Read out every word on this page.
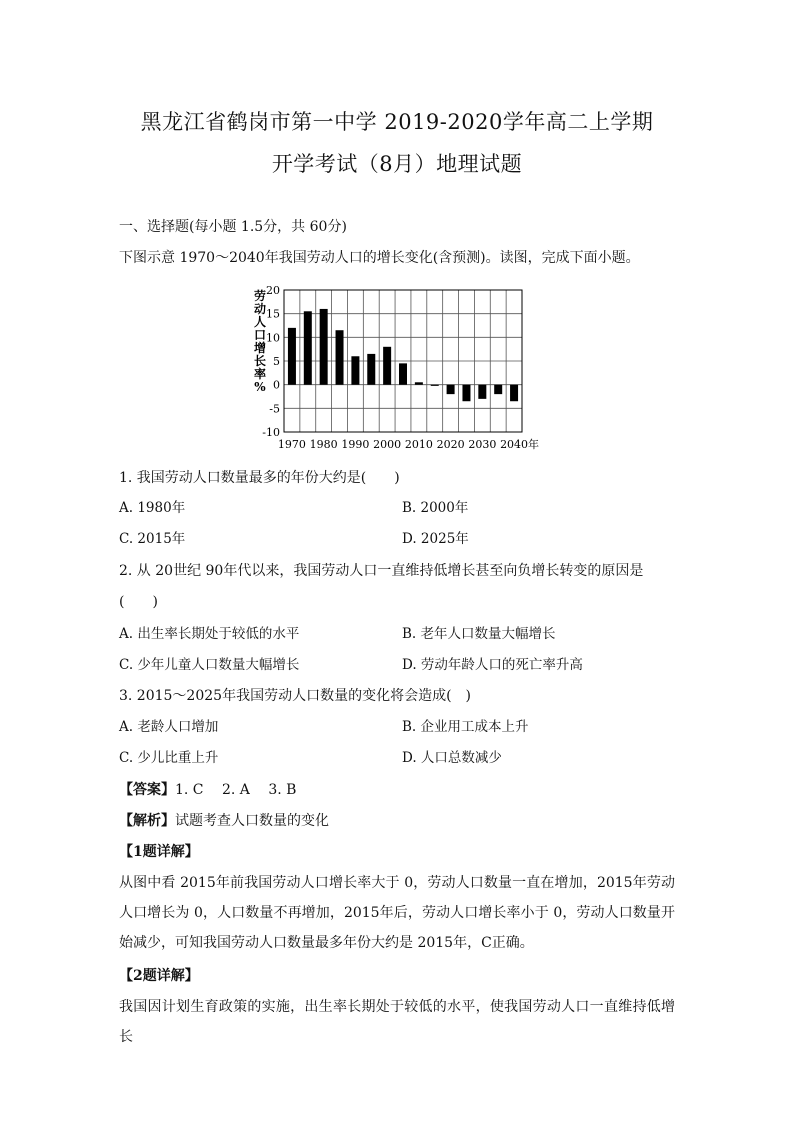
黑龙江省鹤岗市第一中学 2019-2020学年高二上学期
开学考试（8月）地理试题
一、选择题(每小题 1.5分，共 60分)
下图示意 1970～2040年我国劳动人口的增长变化(含预测)。读图，完成下面小题。
20
15
10
5
0
-5
-10
1970 1980 1990 2000 2010 2020 2030 2040
劳
动
人
口
增
长
率
%
年
1. 我国劳动人口数量最多的年份大约是(　　)
A. 1980年	B. 2000年
C. 2015年	D. 2025年
2. 从 20世纪 90年代以来，我国劳动人口一直维持低增长甚至向负增长转变的原因是
(　　)
A. 出生率长期处于较低的水平	B. 老年人口数量大幅增长
C. 少年儿童人口数量大幅增长	D. 劳动年龄人口的死亡率升高
3. 2015～2025年我国劳动人口数量的变化将会造成(　)
A. 老龄人口增加	B. 企业用工成本上升
C. 少儿比重上升	D. 人口总数减少
【答案】1. C　 2. A　 3. B
【解析】试题考查人口数量的变化
【1题详解】
从图中看 2015年前我国劳动人口增长率大于 0，劳动人口数量一直在增加，2015年劳动人口增长为 0，人口数量不再增加，2015年后，劳动人口增长率小于 0，劳动人口数量开始减少，可知我国劳动人口数量最多年份大约是 2015年，C正确。
【2题详解】
我国因计划生育政策的实施，出生率长期处于较低的水平，使我国劳动人口一直维持低增长
